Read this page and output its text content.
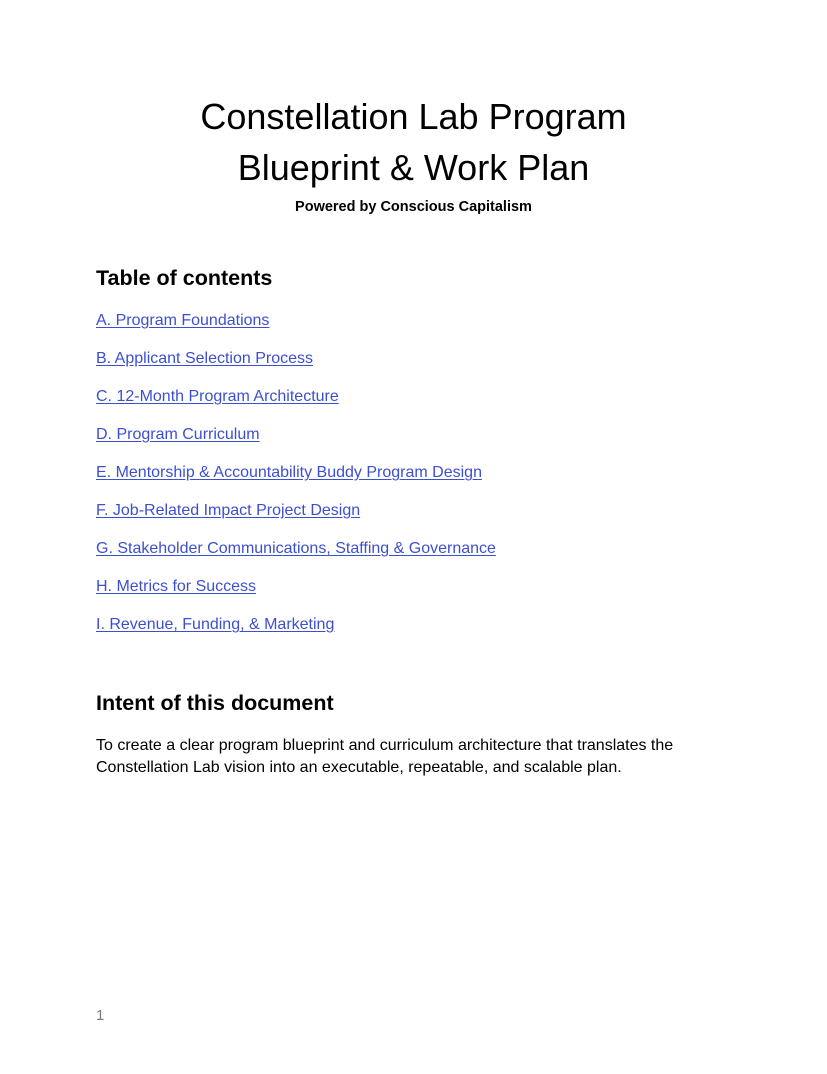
Constellation Lab Program
Blueprint & Work Plan

Powered by Conscious Capitalism

Table of contents
A. Program Foundations
B. Applicant Selection Process
C. 12-Month Program Architecture
D. Program Curriculum
E. Mentorship & Accountability Buddy Program Design
F. Job-Related Impact Project Design
G. Stakeholder Communications, Staffing & Governance
H. Metrics for Success
I. Revenue, Funding, & Marketing
Intent of this document

To create a clear program blueprint and curriculum architecture that translates the Constellation Lab vision into an executable, repeatable, and scalable plan.

1
